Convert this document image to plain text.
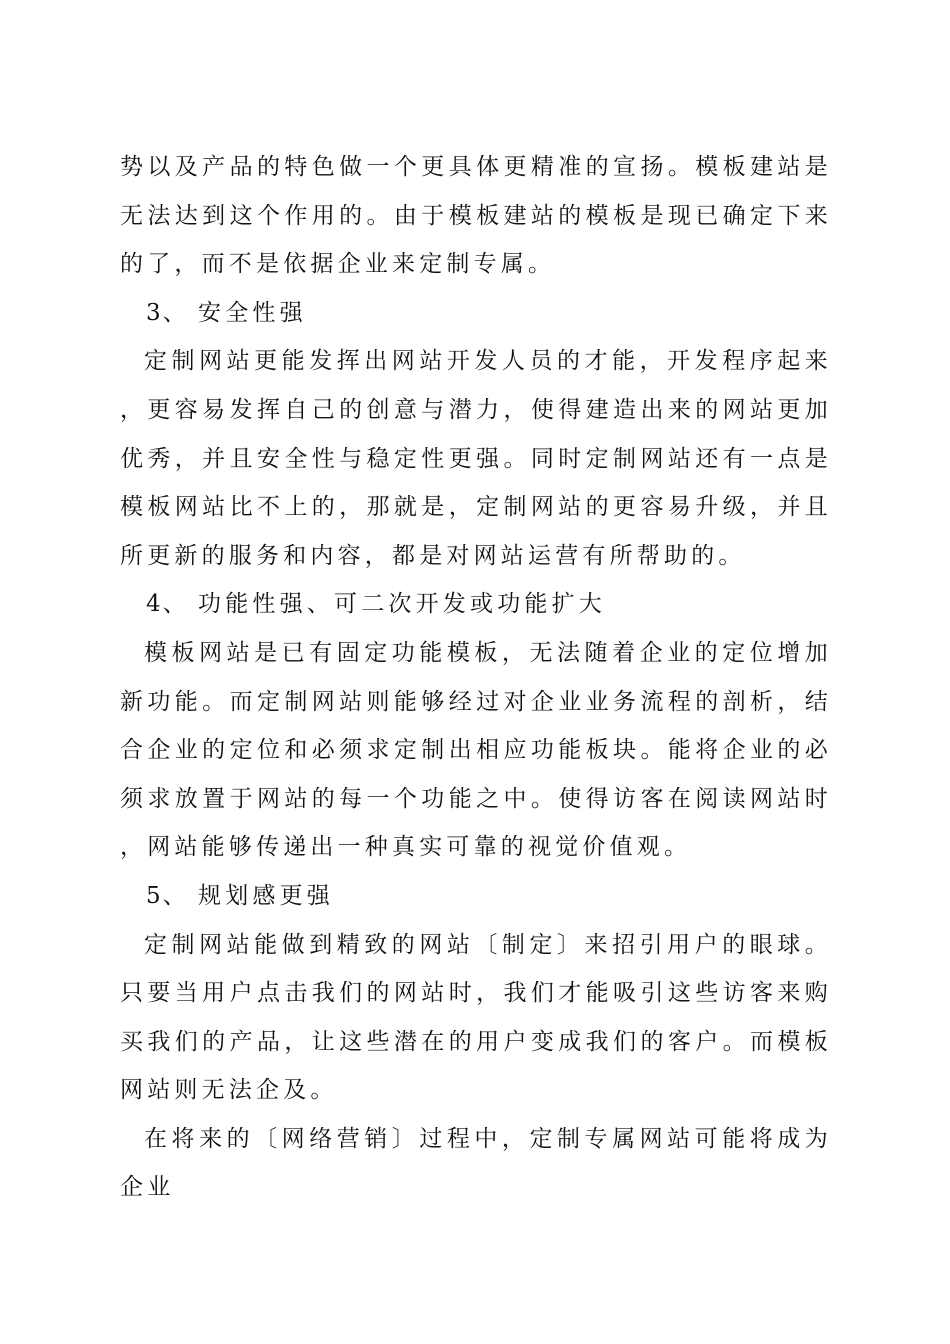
势以及产品的特色做一个更具体更精准的宣扬。模板建站是无法达到这个作用的。由于模板建站的模板是现已确定下来的了，而不是依据企业来定制专属。

3、 安全性强

定制网站更能发挥出网站开发人员的才能，开发程序起来，更容易发挥自己的创意与潜力，使得建造出来的网站更加优秀，并且安全性与稳定性更强。同时定制网站还有一点是模板网站比不上的，那就是，定制网站的更容易升级，并且所更新的服务和内容，都是对网站运营有所帮助的。

4、 功能性强、可二次开发或功能扩大

模板网站是已有固定功能模板，无法随着企业的定位增加新功能。而定制网站则能够经过对企业业务流程的剖析，结合企业的定位和必须求定制出相应功能板块。能将企业的必须求放置于网站的每一个功能之中。使得访客在阅读网站时，网站能够传递出一种真实可靠的视觉价值观。

5、 规划感更强

定制网站能做到精致的网站〔制定〕来招引用户的眼球。只要当用户点击我们的网站时，我们才能吸引这些访客来购买我们的产品，让这些潜在的用户变成我们的客户。而模板网站则无法企及。

在将来的〔网络营销〕过程中，定制专属网站可能将成为企业
